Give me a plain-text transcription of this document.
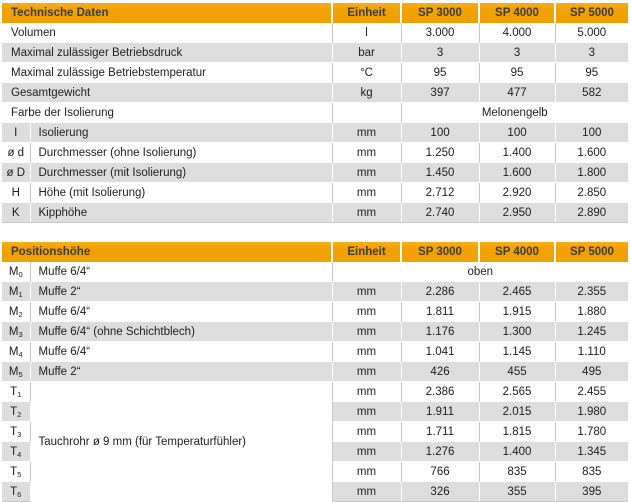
Technische Daten		Einheit	SP 3000	SP 4000	SP 5000
Volumen		l	3.000	4.000	5.000
Maximal zulässiger Betriebsdruck		bar	3	3	3
Maximal zulässige Betriebstemperatur		°C	95	95	95
Gesamtgewicht		kg	397	477	582
Farbe der Isolierung			Melonengelb		
I	Isolierung	mm	100	100	100
ø d	Durchmesser (ohne Isolierung)	mm	1.250	1.400	1.600
ø D	Durchmesser (mit Isolierung)	mm	1.450	1.600	1.800
H	Höhe (mit Isolierung)	mm	2.712	2.920	2.850
K	Kipphöhe	mm	2.740	2.950	2.890
Positionshöhe		Einheit	SP 3000	SP 4000	SP 5000
$M_0$	Muffe 6/4“	oben			
$M_1$	Muffe 2“	mm	2.286	2.465	2.355
$M_2$	Muffe 6/4“	mm	1.811	1.915	1.880
$M_3$	Muffe 6/4“ (ohne Schichtblech)	mm	1.176	1.300	1.245
$M_4$	Muffe 6/4“	mm	1.041	1.145	1.110
$M_5$	Muffe 2“	mm	426	455	495
$T_1$	Tauchrohr ø 9 mm (für Temperaturfühler)	mm	2.386	2.565	2.455
$T_2$		mm	1.911	2.015	1.980
$T_3$		mm	1.711	1.815	1.780
$T_4$		mm	1.276	1.400	1.345
$T_5$		mm	766	835	835
$T_6$		mm	326	355	395
